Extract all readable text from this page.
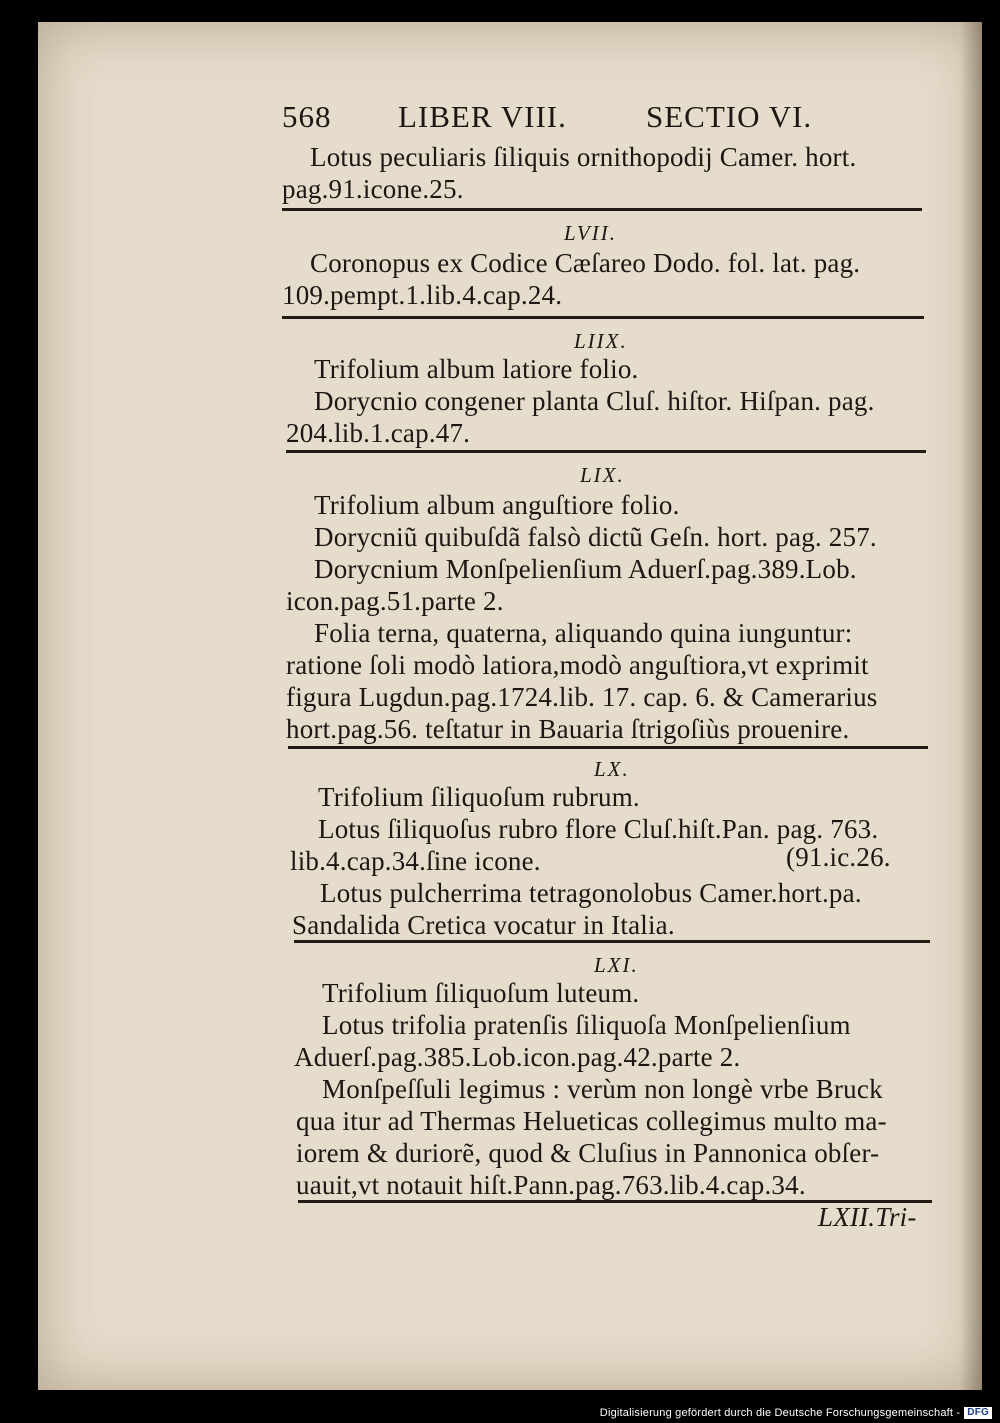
568 LIBER VIII.	SECTIO VI.
Lotus peculiaris ſiliquis ornithopodij Camer. hort.
pag.91.icone.25.
LVII.
Coronopus ex Codice Cæſareo Dodo. fol. lat. pag.
109.pempt.1.lib.4.cap.24.
LIIX.
Trifolium album latiore folio.
Dorycnio congener planta Cluſ. hiſtor. Hiſpan. pag.
204.lib.1.cap.47.
LIX.
Trifolium album anguſtiore folio.
Dorycniũ quibuſdã falsò dictũ Geſn. hort. pag. 257.
Dorycnium Monſpelienſium Aduerſ.pag.389.Lob.
icon.pag.51.parte 2.
Folia terna, quaterna, aliquando quina iunguntur:
ratione ſoli modò latiora,modò anguſtiora,vt exprimit
figura Lugdun.pag.1724.lib. 17. cap. 6. & Camerarius
hort.pag.56. teſtatur in Bauaria ſtrigoſiùs prouenire.
LX.
Trifolium ſiliquoſum rubrum.
Lotus ſiliquoſus rubro flore Cluſ.hiſt.Pan. pag. 763.
lib.4.cap.34.ſine icone.	(91.ic.26.
Lotus pulcherrima tetragonolobus Camer.hort.pa.
Sandalida Cretica vocatur in Italia.
LXI.
Trifolium ſiliquoſum luteum.
Lotus trifolia pratenſis ſiliquoſa Monſpelienſium
Aduerſ.pag.385.Lob.icon.pag.42.parte 2.
Monſpeſſuli legimus : verùm non longè vrbe Bruck
qua itur ad Thermas Helueticas collegimus multo ma-
iorem & duriorẽ, quod & Cluſius in Pannonica obſer-
uauit,vt notauit hiſt.Pann.pag.763.lib.4.cap.34.
LXII.Tri-
Digitalisierung gefördert durch die Deutsche Forschungsgemeinschaft - DFG
